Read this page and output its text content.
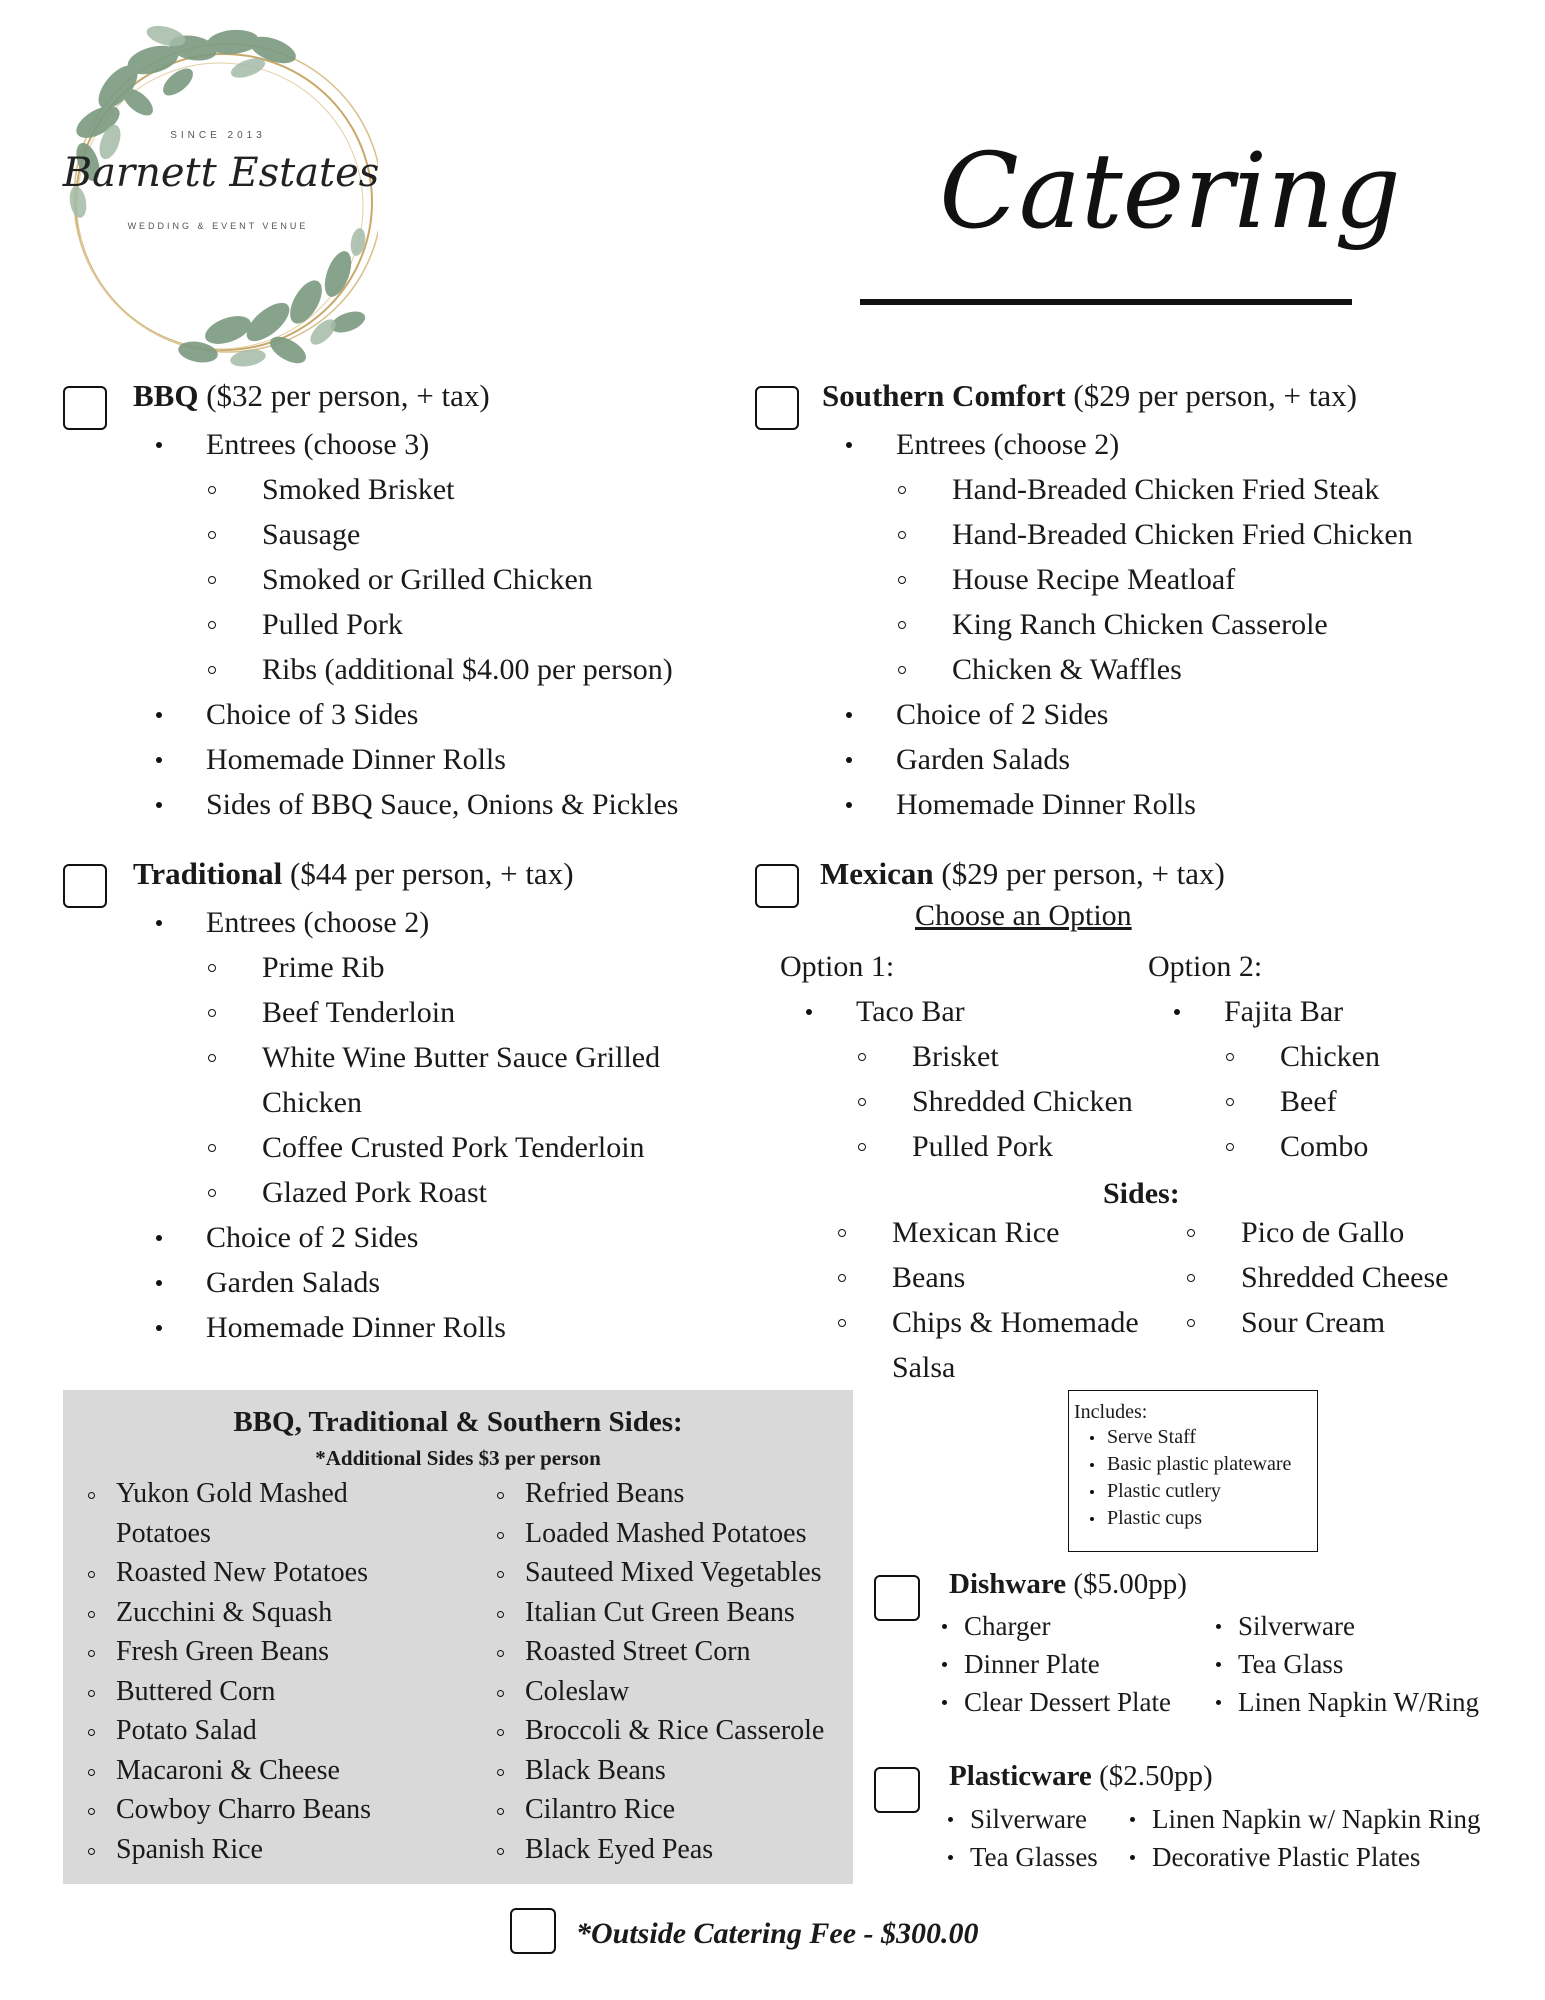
SINCE 2013
Barnett Estates
WEDDING & EVENT VENUE	Catering
BBQ ($32 per person, + tax)
Entrees (choose 3)
Smoked Brisket
Sausage
Smoked or Grilled Chicken
Pulled Pork
Ribs (additional $4.00 per person)
Choice of 3 Sides
Homemade Dinner Rolls
Sides of BBQ Sauce, Onions & Pickles
Southern Comfort ($29 per person, + tax)
Entrees (choose 2)
Hand-Breaded Chicken Fried Steak
Hand-Breaded Chicken Fried Chicken
House Recipe Meatloaf
King Ranch Chicken Casserole
Chicken & Waffles
Choice of 2 Sides
Garden Salads
Homemade Dinner Rolls
Traditional ($44 per person, + tax)
Entrees (choose 2)
Prime Rib
Beef Tenderloin
White Wine Butter Sauce Grilled
Chicken
Coffee Crusted Pork Tenderloin
Glazed Pork Roast
Choice of 2 Sides
Garden Salads
Homemade Dinner Rolls
Mexican ($29 per person, + tax)
Choose an Option
Option 1:
Taco Bar
Brisket
Shredded Chicken
Pulled Pork
Option 2:
Fajita Bar
Chicken
Beef
Combo
Sides:
Mexican Rice
Beans
Chips & Homemade
Salsa
Pico de Gallo
Shredded Cheese
Sour Cream
BBQ, Traditional & Southern Sides:
*Additional Sides $3 per person
Yukon Gold Mashed
Potatoes
Roasted New Potatoes
Zucchini & Squash
Fresh Green Beans
Buttered Corn
Potato Salad
Macaroni & Cheese
Cowboy Charro Beans
Spanish Rice
Refried Beans
Loaded Mashed Potatoes
Sauteed Mixed Vegetables
Italian Cut Green Beans
Roasted Street Corn
Coleslaw
Broccoli & Rice Casserole
Black Beans
Cilantro Rice
Black Eyed Peas
Includes:
Serve Staff
Basic plastic plateware
Plastic cutlery
Plastic cups
Dishware ($5.00pp)
Charger
Dinner Plate
Clear Dessert Plate
Silverware
Tea Glass
Linen Napkin W/Ring
Plasticware ($2.50pp)
Silverware
Tea Glasses
Linen Napkin w/ Napkin Ring
Decorative Plastic Plates
*Outside Catering Fee - $300.00
